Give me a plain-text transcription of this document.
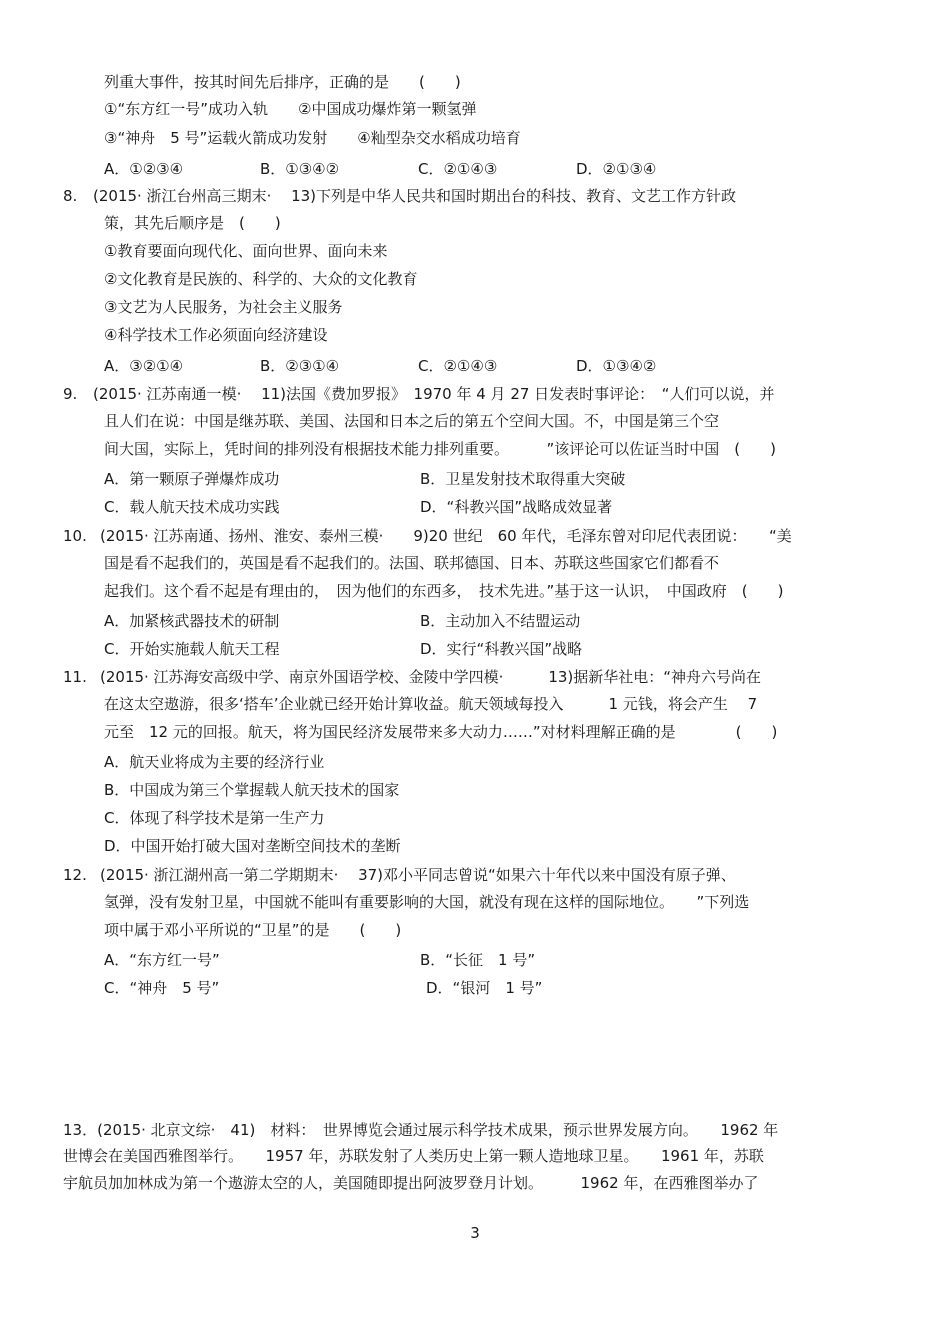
列重大事件，按其时间先后排序，正确的是　　(　　)
①“东方红一号”成功入轨　　②中国成功爆炸第一颗氢弹
③“神舟　5 号”运载火箭成功发射　　④籼型杂交水稻成功培育
A．①②③④	B．①③④②	C．②①④③	D．②①③④
8. (2015· 浙江台州高三期末·　 13)下列是中华人民共和国时期出台的科技、教育、文艺工作方针政
策，其先后顺序是　(　　)
①教育要面向现代化、面向世界、面向未来
②文化教育是民族的、科学的、大众的文化教育
③文艺为人民服务，为社会主义服务
④科学技术工作必须面向经济建设
A．③②①④	B．②③①④	C．②①④③	D．①③④②
9. (2015· 江苏南通一模·　 11)法国《费加罗报》　1970 年 4 月 27 日发表时事评论：　“人们可以说，并
且人们在说：中国是继苏联、美国、法国和日本之后的第五个空间大国。不，中国是第三个空
间大国，实际上，凭时间的排列没有根据技术能力排列重要。　　　”该评论可以佐证当时中国　(　　)
A．第一颗原子弹爆炸成功	B．卫星发射技术取得重大突破
C．载人航天技术成功实践	D．“科教兴国”战略成效显著
10. (2015· 江苏南通、扬州、淮安、泰州三模·　　9)20 世纪　60 年代，毛泽东曾对印尼代表团说：　　“美
国是看不起我们的，英国是看不起我们的。法国、联邦德国、日本、苏联这些国家它们都看不
起我们。这个看不起是有理由的，　因为他们的东西多，　技术先进。”基于这一认识，　中国政府　(　　)
A．加紧核武器技术的研制	B．主动加入不结盟运动
C．开始实施载人航天工程	D．实行“科教兴国”战略
11. (2015· 江苏海安高级中学、南京外国语学校、金陵中学四模·　　　13)据新华社电：“神舟六号尚在
在这太空遨游，很多‘搭车’企业就已经开始计算收益。航天领域每投入　　　1 元钱，将会产生　 7
元至　12 元的回报。航天，将为国民经济发展带来多大动力……”对材料理解正确的是　　　　(　　)
A．航天业将成为主要的经济行业
B．中国成为第三个掌握载人航天技术的国家
C．体现了科学技术是第一生产力
D．中国开始打破大国对垄断空间技术的垄断
12. (2015· 浙江湖州高一第二学期期末·　 37)邓小平同志曾说“如果六十年代以来中国没有原子弹、
氢弹，没有发射卫星，中国就不能叫有重要影响的大国，就没有现在这样的国际地位。　　”下列选
项中属于邓小平所说的“卫星”的是　　(　　)
A．“东方红一号”	B．“长征　1 号”
C．“神舟　5 号”	D．“银河　1 号”
13．(2015· 北京文综·　41)　材料：　世界博览会通过展示科学技术成果，预示世界发展方向。　　1962 年
世博会在美国西雅图举行。　　1957 年，苏联发射了人类历史上第一颗人造地球卫星。　　1961 年，苏联
宇航员加加林成为第一个遨游太空的人，美国随即提出阿波罗登月计划。　　　1962 年，在西雅图举办了
3
